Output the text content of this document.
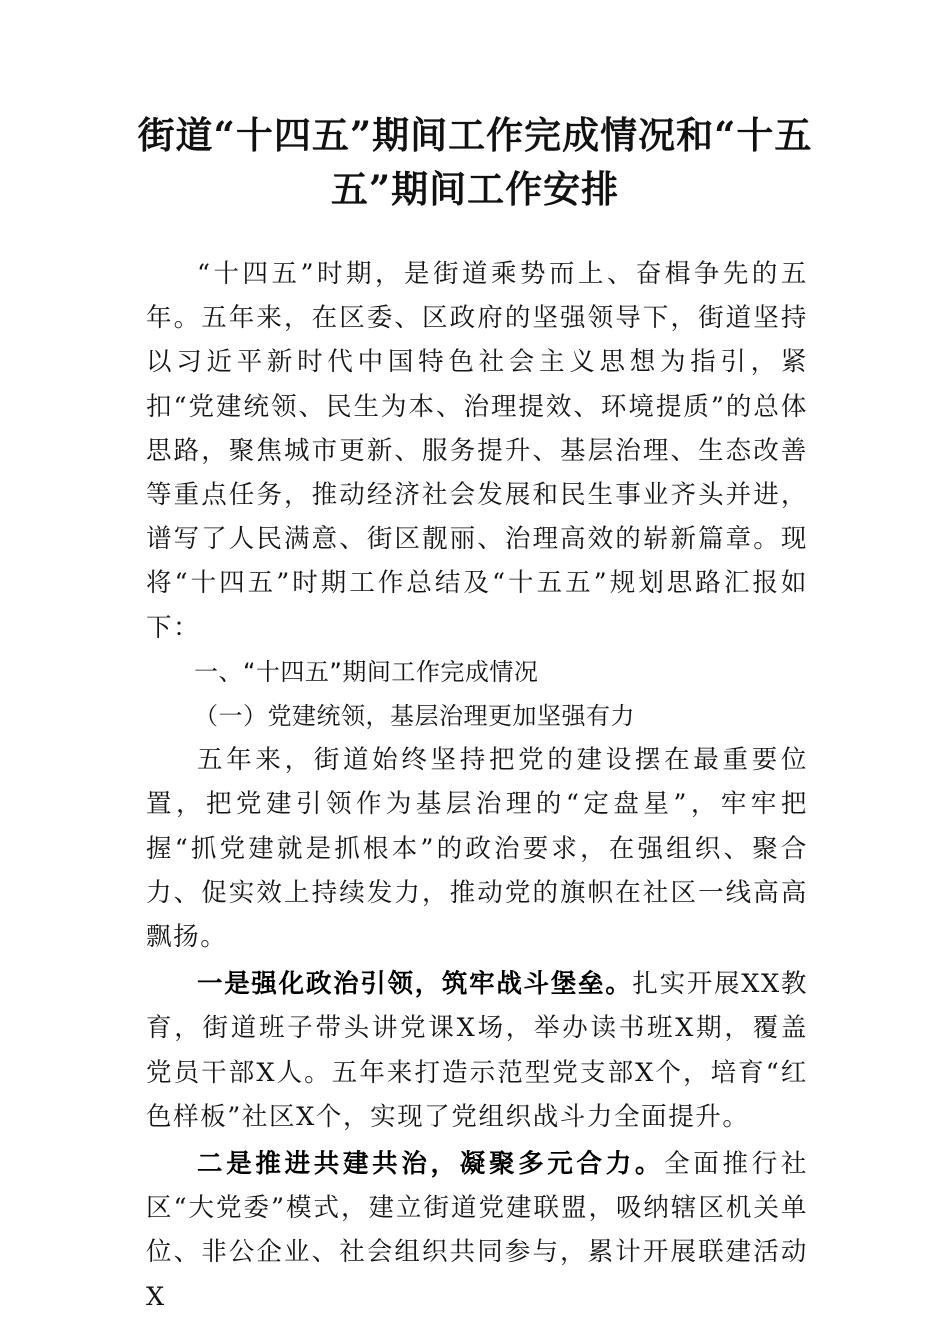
街道“十四五”期间工作完成情况和“十五五”期间工作安排

“十四五”时期，是街道乘势而上、奋楫争先的五年。五年来，在区委、区政府的坚强领导下，街道坚持以习近平新时代中国特色社会主义思想为指引，紧扣“党建统领、民生为本、治理提效、环境提质”的总体思路，聚焦城市更新、服务提升、基层治理、生态改善等重点任务，推动经济社会发展和民生事业齐头并进，谱写了人民满意、街区靓丽、治理高效的崭新篇章。现将“十四五”时期工作总结及“十五五”规划思路汇报如下：

一、“十四五”期间工作完成情况

（一）党建统领，基层治理更加坚强有力

五年来，街道始终坚持把党的建设摆在最重要位置，把党建引领作为基层治理的“定盘星”，牢牢把握“抓党建就是抓根本”的政治要求，在强组织、聚合力、促实效上持续发力，推动党的旗帜在社区一线高高飘扬。

一是强化政治引领，筑牢战斗堡垒。扎实开展XX教育，街道班子带头讲党课X场，举办读书班X期，覆盖党员干部X人。五年来打造示范型党支部X个，培育“红色样板”社区X个，实现了党组织战斗力全面提升。

二是推进共建共治，凝聚多元合力。全面推行社区“大党委”模式，建立街道党建联盟，吸纳辖区机关单位、非公企业、社会组织共同参与，累计开展联建活动X
